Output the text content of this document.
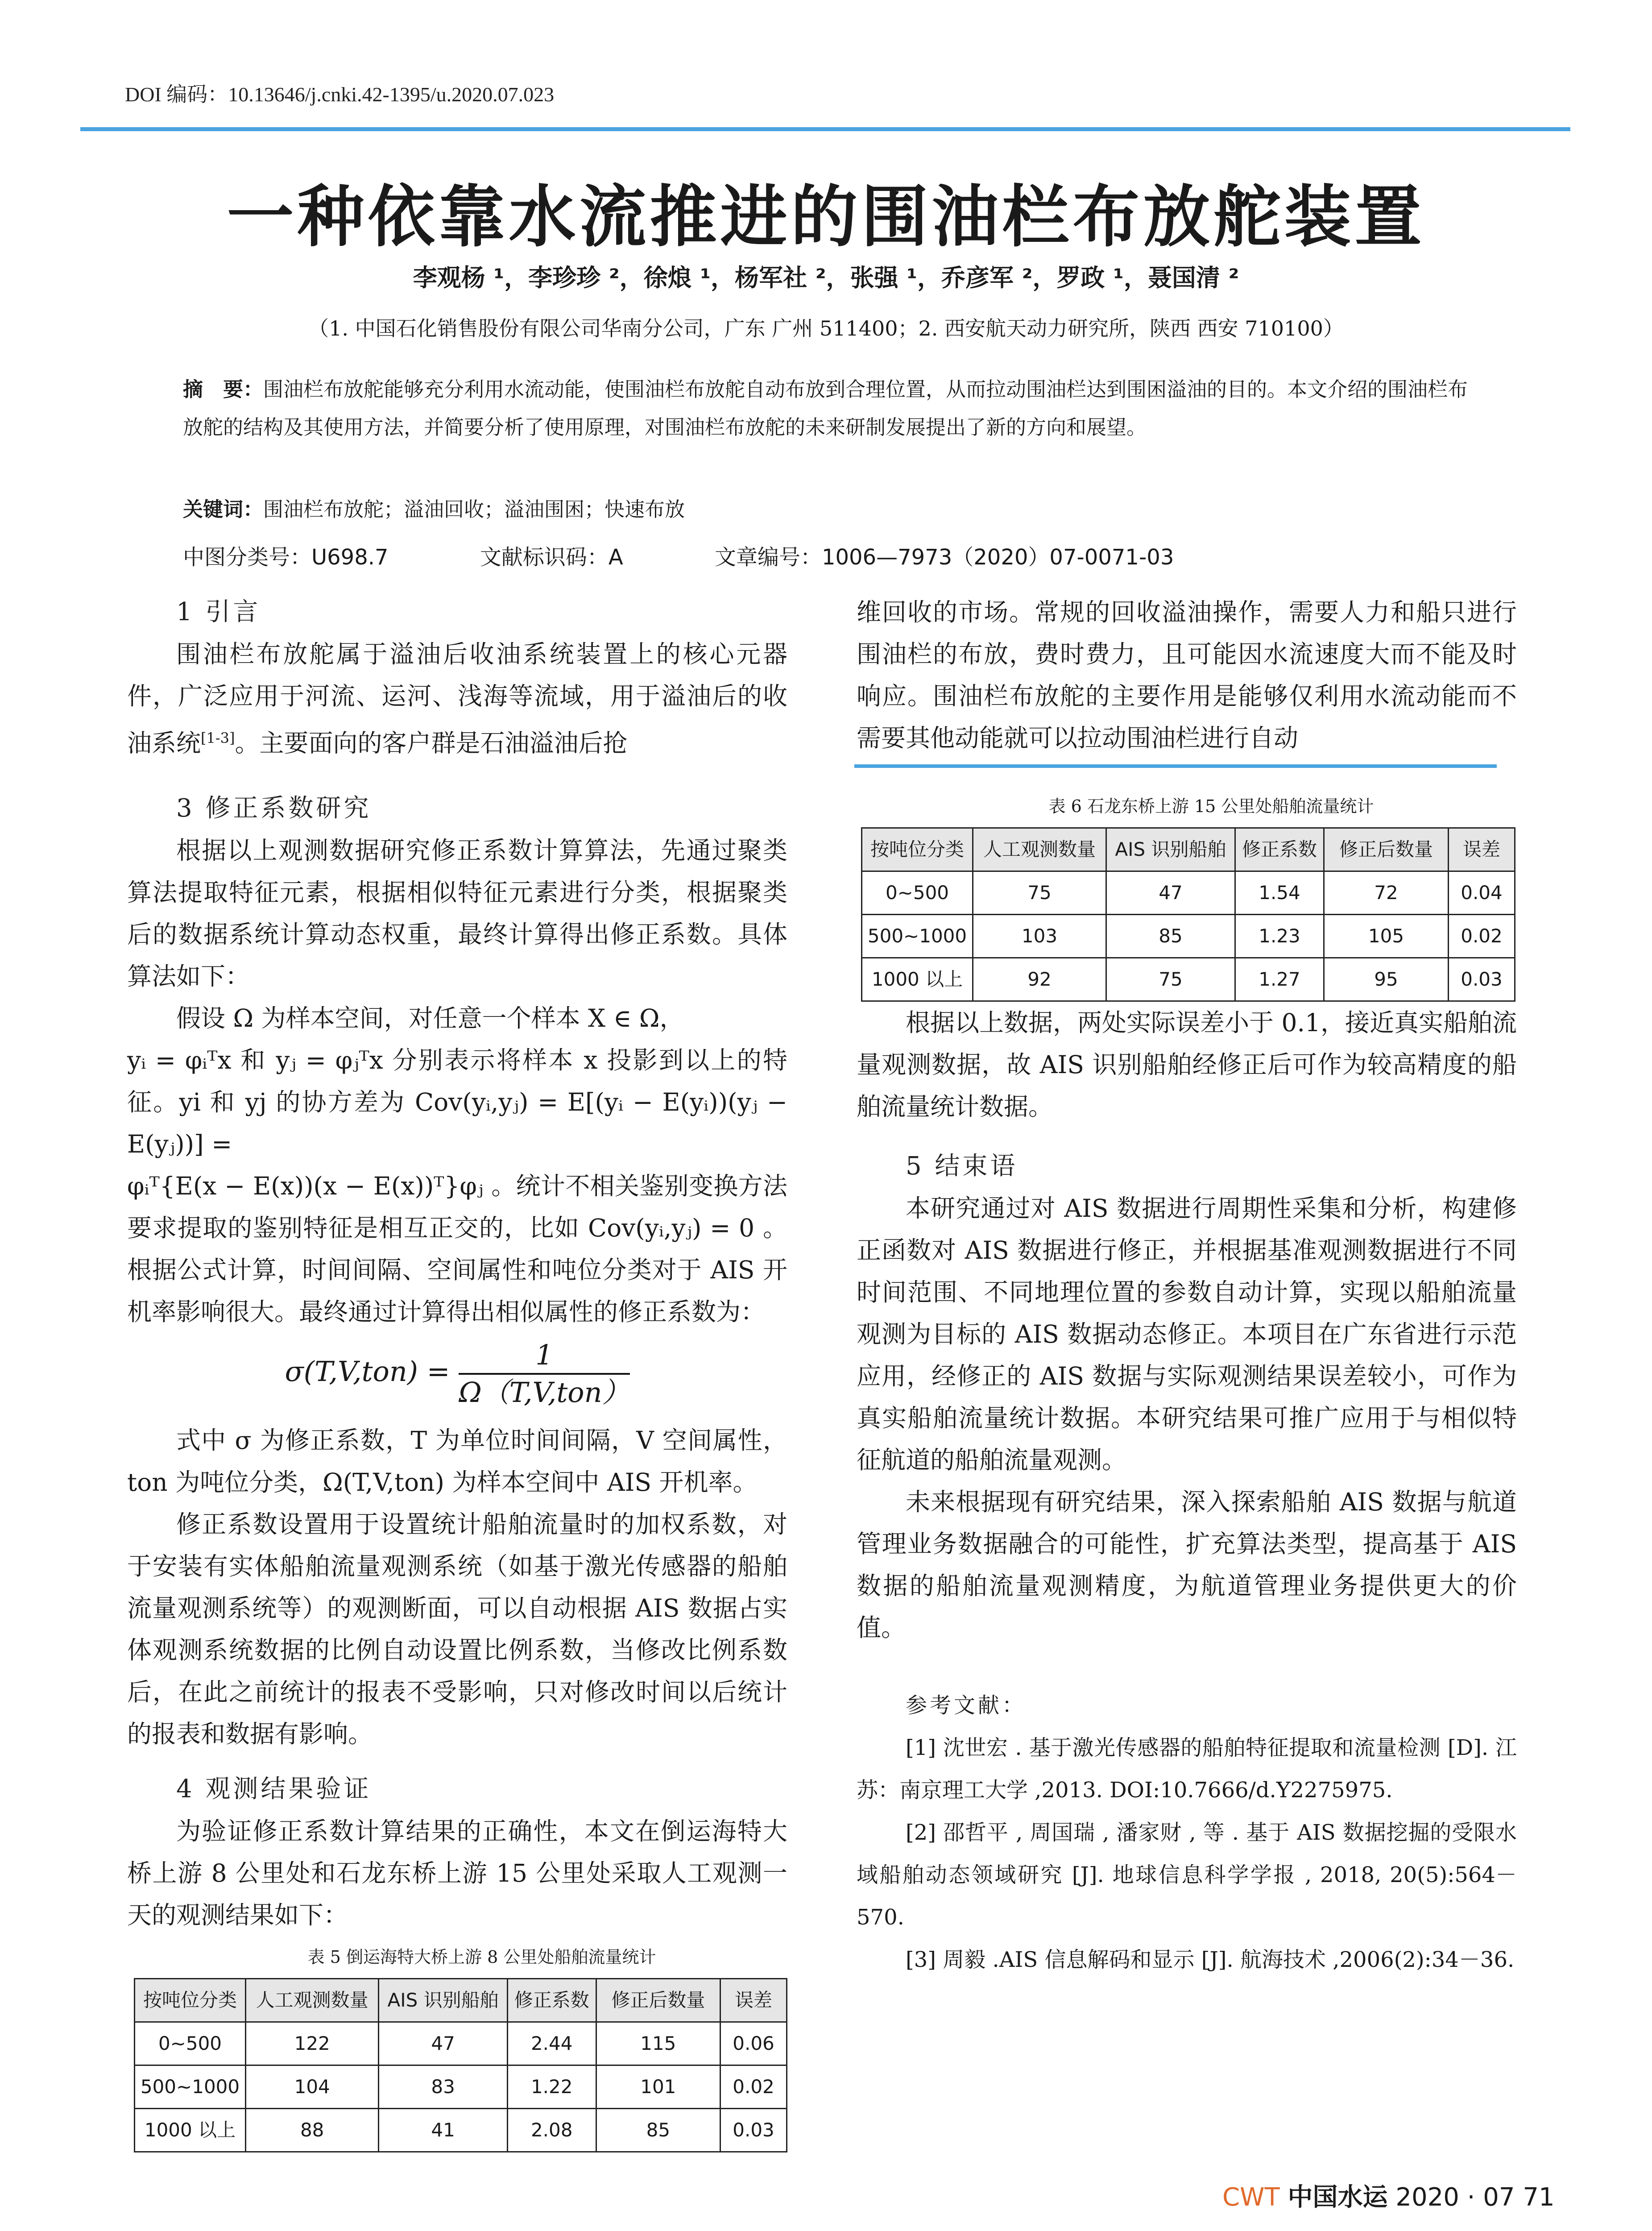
DOI 编码：10.13646/j.cnki.42-1395/u.2020.07.023
一种依靠水流推进的围油栏布放舵装置
李观杨 ¹，李珍珍 ²，徐烺 ¹，杨军社 ²，张强 ¹，乔彦军 ²，罗政 ¹，聂国清 ²
（1. 中国石化销售股份有限公司华南分公司，广东 广州 511400；2. 西安航天动力研究所，陕西 西安 710100）
摘　要：围油栏布放舵能够充分利用水流动能，使围油栏布放舵自动布放到合理位置，从而拉动围油栏达到围困溢油的目的。本文介绍的围油栏布放舵的结构及其使用方法，并简要分析了使用原理，对围油栏布放舵的未来研制发展提出了新的方向和展望。
关键词：围油栏布放舵；溢油回收；溢油围困；快速布放
中图分类号：U698.7	文献标识码：A	文章编号：1006—7973（2020）07-0071-03

1 引言

围油栏布放舵属于溢油后收油系统装置上的核心元器件，广泛应用于河流、运河、浅海等流域，用于溢油后的收油系统[1-3]。主要面向的客户群是石油溢油后抢

维回收的市场。常规的回收溢油操作，需要人力和船只进行围油栏的布放，费时费力，且可能因水流速度大而不能及时响应。围油栏布放舵的主要作用是能够仅利用水流动能而不需要其他动能就可以拉动围油栏进行自动

3 修正系数研究

根据以上观测数据研究修正系数计算算法，先通过聚类算法提取特征元素，根据相似特征元素进行分类，根据聚类后的数据系统计算动态权重，最终计算得出修正系数。具体算法如下：

假设 Ω 为样本空间，对任意一个样本 X ∈ Ω，

yᵢ = φᵢᵀx 和 yⱼ = φⱼᵀx 分别表示将样本 x 投影到以上的特征。yi 和 yj 的协方差为 Cov(yᵢ,yⱼ) = E[(yᵢ − E(yᵢ))(yⱼ − E(yⱼ))] =

φᵢᵀ{E(x − E(x))(x − E(x))ᵀ}φⱼ 。统计不相关鉴别变换方法要求提取的鉴别特征是相互正交的，比如 Cov(yᵢ,yⱼ) = 0 。根据公式计算，时间间隔、空间属性和吨位分类对于 AIS 开机率影响很大。最终通过计算得出相似属性的修正系数为：

$\sigma(T,V,ton) = \frac{1}{\text{Ω（T,V,ton）}}$

式中 σ 为修正系数，T 为单位时间间隔，V 空间属性，ton 为吨位分类，Ω(T,V,ton) 为样本空间中 AIS 开机率。

修正系数设置用于设置统计船舶流量时的加权系数，对于安装有实体船舶流量观测系统（如基于激光传感器的船舶流量观测系统等）的观测断面，可以自动根据 AIS 数据占实体观测系统数据的比例自动设置比例系数，当修改比例系数后，在此之前统计的报表不受影响，只对修改时间以后统计的报表和数据有影响。

4 观测结果验证

为验证修正系数计算结果的正确性，本文在倒运海特大桥上游 8 公里处和石龙东桥上游 15 公里处采取人工观测一天的观测结果如下：

表 5 倒运海特大桥上游 8 公里处船舶流量统计

按吨位分类	人工观测数量	AIS 识别船舶	修正系数	修正后数量	误差
0~500	122	47	2.44	115	0.06
500~1000	104	83	1.22	101	0.02
1000 以上	88	41	2.08	85	0.03

表 6 石龙东桥上游 15 公里处船舶流量统计

按吨位分类	人工观测数量	AIS 识别船舶	修正系数	修正后数量	误差
0~500	75	47	1.54	72	0.04
500~1000	103	85	1.23	105	0.02
1000 以上	92	75	1.27	95	0.03

根据以上数据，两处实际误差小于 0.1，接近真实船舶流量观测数据，故 AIS 识别船舶经修正后可作为较高精度的船舶流量统计数据。

5 结束语

本研究通过对 AIS 数据进行周期性采集和分析，构建修正函数对 AIS 数据进行修正，并根据基准观测数据进行不同时间范围、不同地理位置的参数自动计算，实现以船舶流量观测为目标的 AIS 数据动态修正。本项目在广东省进行示范应用，经修正的 AIS 数据与实际观测结果误差较小，可作为真实船舶流量统计数据。本研究结果可推广应用于与相似特征航道的船舶流量观测。

未来根据现有研究结果，深入探索船舶 AIS 数据与航道管理业务数据融合的可能性，扩充算法类型，提高基于 AIS 数据的船舶流量观测精度，为航道管理业务提供更大的价值。

参考文献：

[1] 沈世宏 . 基于激光传感器的船舶特征提取和流量检测 [D]. 江苏：南京理工大学 ,2013. DOI:10.7666/d.Y2275975.

[2] 邵哲平 , 周国瑞 , 潘家财 , 等 . 基于 AIS 数据挖掘的受限水域船舶动态领域研究 [J]. 地球信息科学学报 , 2018, 20(5):564－570.

[3] 周毅 .AIS 信息解码和显示 [J]. 航海技术 ,2006(2):34－36.

CWT 中国水运 2020 · 07 71
